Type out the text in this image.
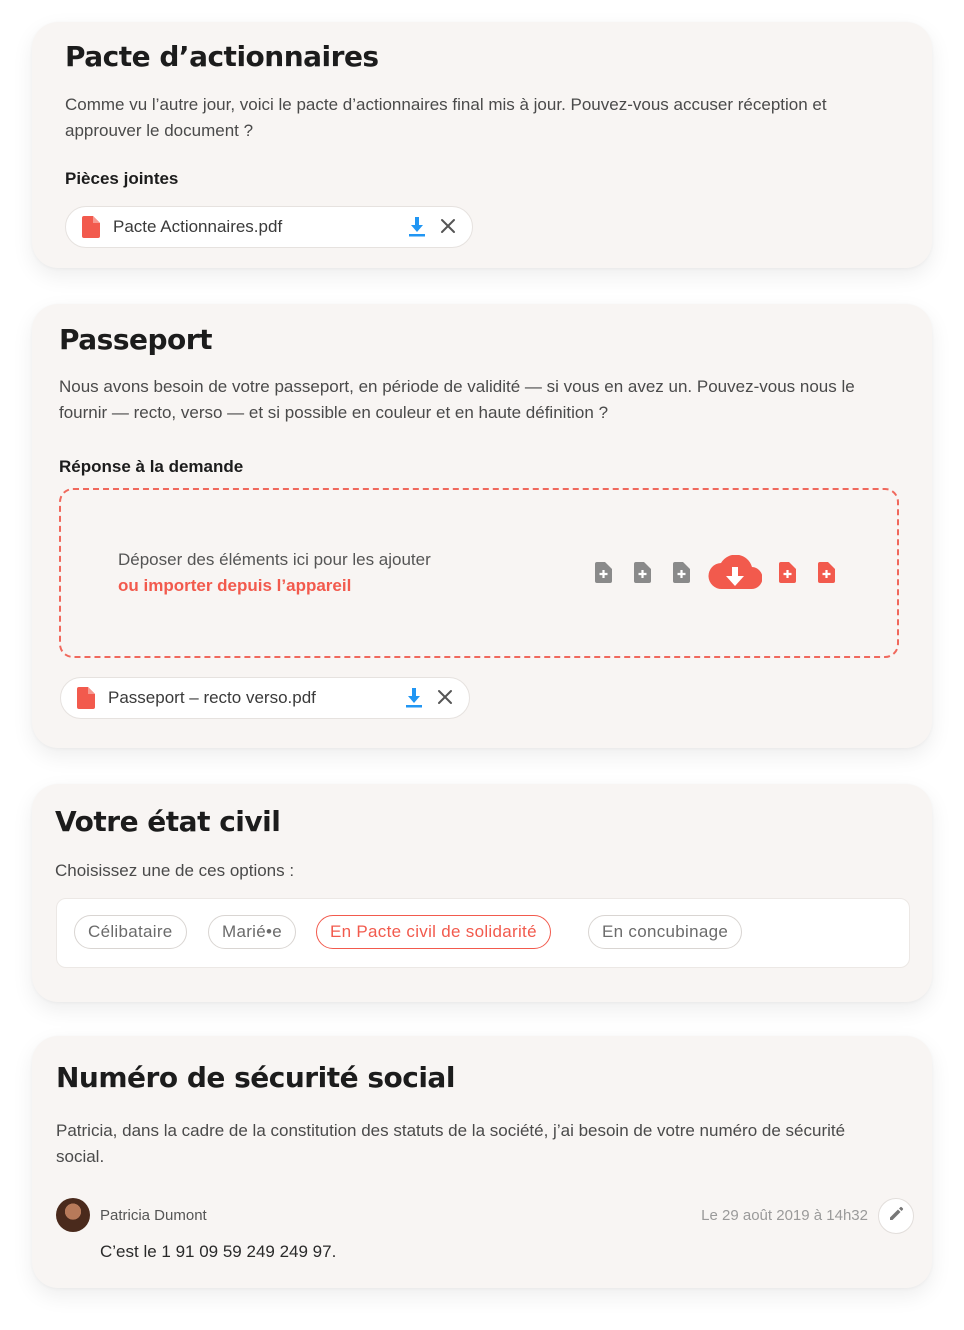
Pacte d’actionnaires

Comme vu l’autre jour, voici le pacte d’actionnaires final mis à jour. Pouvez-vous accuser réception et approuver le document ?

Pièces jointes
Pacte Actionnaires.pdf
Passeport

Nous avons besoin de votre passeport, en période de validité — si vous en avez un. Pouvez-vous nous le fournir — recto, verso — et si possible en couleur et en haute définition ?

Réponse à la demande
Déposer des éléments ici pour les ajouter
ou importer depuis l’appareil
Passeport – recto verso.pdf
Votre état civil
Choisissez une de ces options :
Célibataire	Marié•e	En Pacte civil de solidarité	En concubinage
Numéro de sécurité social

Patricia, dans la cadre de la constitution des statuts de la société, j’ai besoin de votre numéro de sécurité social.

Patricia Dumont	Le 29 août 2019 à 14h32
C’est le 1 91 09 59 249 249 97.
